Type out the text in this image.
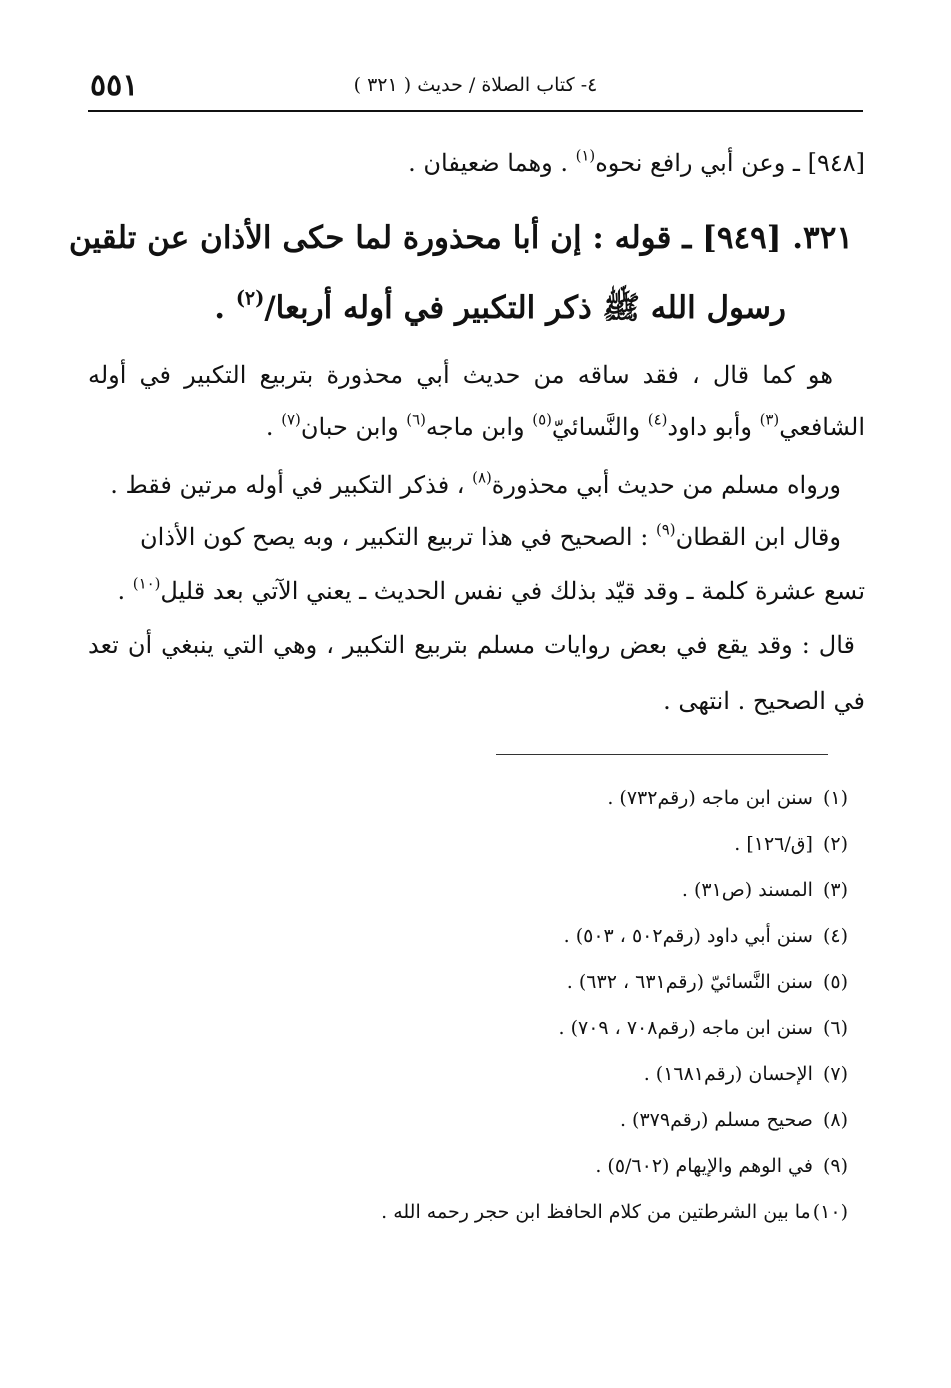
٤- كتاب الصلاة / حديث ( ٣٢١ )
٥٥١
[٩٤٨] ـ وعن أبي رافع نحوه$^{(١)}$ . وهما ضعيفان .
٣٢١. [٩٤٩] ـ قوله : إن أبا محذورة لما حكى الأذان عن تلقين
رسول الله ﷺ ذكر التكبير في أوله أربعا/$^{(٢)}$ .
هو كما قال ، فقد ساقه من حديث أبي محذورة بتربيع التكبير في أوله
الشافعي$^{(٣)}$ وأبو داود$^{(٤)}$ والنَّسائيّ$^{(٥)}$ وابن ماجه$^{(٦)}$ وابن حبان$^{(٧)}$ .
ورواه مسلم من حديث أبي محذورة$^{(٨)}$ ، فذكر التكبير في أوله مرتين فقط .
وقال ابن القطان$^{(٩)}$ : الصحيح في هذا تربيع التكبير ، وبه يصح كون الأذان
تسع عشرة كلمة ـ وقد قيّد بذلك في نفس الحديث ـ يعني الآتي بعد قليل$^{(١٠)}$ .
قال : وقد يقع في بعض روايات مسلم بتربيع التكبير ، وهي التي ينبغي أن تعد
في الصحيح . انتهى .
(١)سنن ابن ماجه (رقم٧٣٢) .
(٢)[ق/١٢٦] .
(٣)المسند (ص٣١) .
(٤)سنن أبي داود (رقم٥٠٢ ، ٥٠٣) .
(٥)سنن النَّسائيّ (رقم٦٣١ ، ٦٣٢) .
(٦)سنن ابن ماجه (رقم٧٠٨ ، ٧٠٩) .
(٧)الإحسان (رقم١٦٨١) .
(٨)صحيح مسلم (رقم٣٧٩) .
(٩)في الوهم والإيهام (٥/٦٠٢) .
(١٠)ما بين الشرطتين من كلام الحافظ ابن حجر رحمه الله .
